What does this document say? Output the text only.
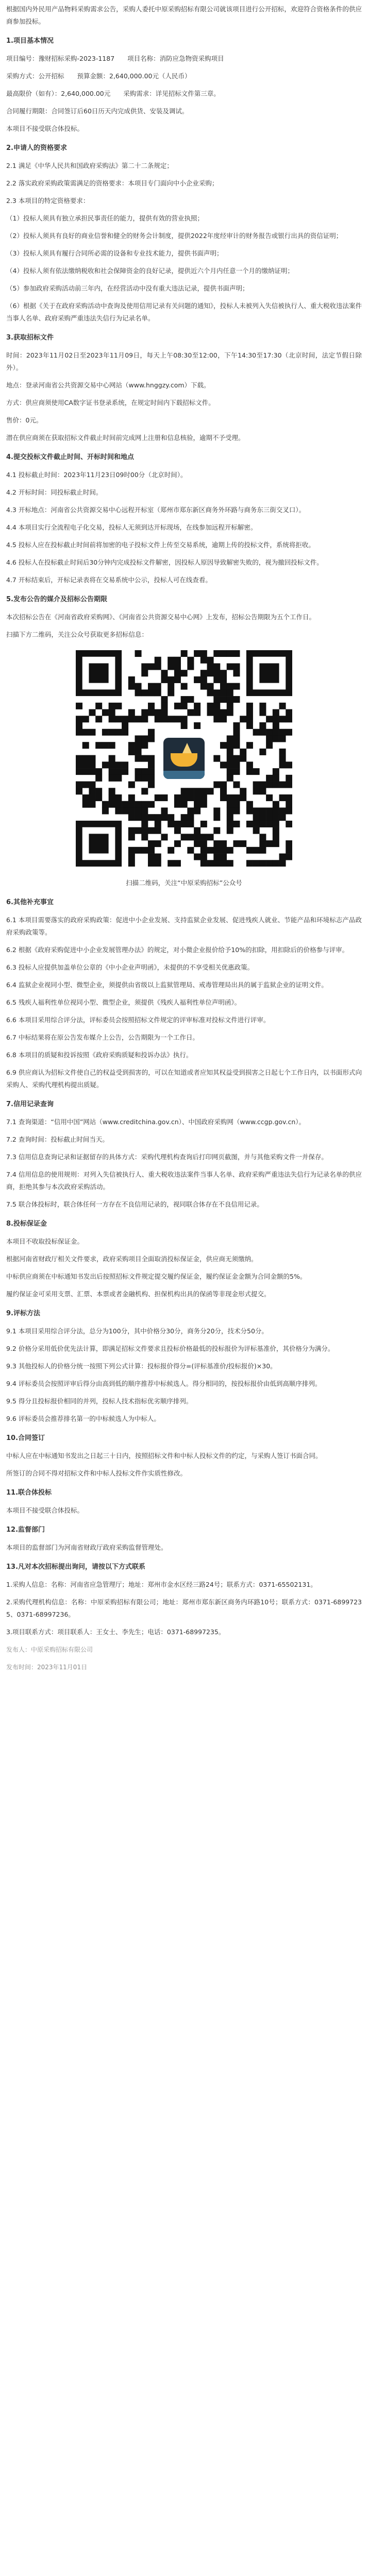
根据国内外民用产品物料采购需求公告，采购人委托中原采购招标有限公司就该项目进行公开招标，欢迎符合资格条件的供应商参加投标。

1.项目基本情况

项目编号：豫财招标采购-2023-1187　　项目名称：消防应急物资采购项目

采购方式：公开招标　　预算金额：2,640,000.00元（人民币）

最高限价（如有）：2,640,000.00元　　采购需求：详见招标文件第三章。

合同履行期限：合同签订后60日历天内完成供货、安装及调试。

本项目不接受联合体投标。

2.申请人的资格要求

2.1 满足《中华人民共和国政府采购法》第二十二条规定；

2.2 落实政府采购政策需满足的资格要求：本项目专门面向中小企业采购；

2.3 本项目的特定资格要求：

（1）投标人须具有独立承担民事责任的能力，提供有效的营业执照；

（2）投标人须具有良好的商业信誉和健全的财务会计制度，提供2022年度经审计的财务报告或银行出具的资信证明；

（3）投标人须具有履行合同所必需的设备和专业技术能力，提供书面声明；

（4）投标人须有依法缴纳税收和社会保障资金的良好记录，提供近六个月内任意一个月的缴纳证明；

（5）参加政府采购活动前三年内，在经营活动中没有重大违法记录，提供书面声明；

（6）根据《关于在政府采购活动中查询及使用信用记录有关问题的通知》，投标人未被列入失信被执行人、重大税收违法案件当事人名单、政府采购严重违法失信行为记录名单。

3.获取招标文件

时间：2023年11月02日至2023年11月09日，每天上午08:30至12:00，下午14:30至17:30（北京时间，法定节假日除外）。

地点：登录河南省公共资源交易中心网站（www.hnggzy.com）下载。

方式：供应商须使用CA数字证书登录系统，在规定时间内下载招标文件。

售价：0元。

潜在供应商须在获取招标文件截止时间前完成网上注册和信息核验，逾期不予受理。

4.提交投标文件截止时间、开标时间和地点

4.1 投标截止时间：2023年11月23日09时00分（北京时间）。

4.2 开标时间：同投标截止时间。

4.3 开标地点：河南省公共资源交易中心远程开标室（郑州市郑东新区商务外环路与商务东三街交叉口）。

4.4 本项目实行全流程电子化交易，投标人无须到达开标现场，在线参加远程开标解密。

4.5 投标人应在投标截止时间前将加密的电子投标文件上传至交易系统，逾期上传的投标文件，系统将拒收。

4.6 投标人在投标截止时间后30分钟内完成投标文件解密，因投标人原因导致解密失败的，视为撤回投标文件。

4.7 开标结束后，开标记录表将在交易系统中公示，投标人可在线查看。

5.发布公告的媒介及招标公告期限

本次招标公告在《河南省政府采购网》、《河南省公共资源交易中心网》上发布，招标公告期限为五个工作日。

扫描下方二维码，关注公众号获取更多招标信息：

扫描二维码，关注“中原采购招标”公众号

6.其他补充事宜

6.1 本项目需要落实的政府采购政策：促进中小企业发展、支持监狱企业发展、促进残疾人就业、节能产品和环境标志产品政府采购政策等。

6.2 根据《政府采购促进中小企业发展管理办法》的规定，对小微企业报价给予10%的扣除，用扣除后的价格参与评审。

6.3 投标人应提供加盖单位公章的《中小企业声明函》，未提供的不享受相关优惠政策。

6.4 监狱企业视同小型、微型企业，须提供由省级以上监狱管理局、戒毒管理局出具的属于监狱企业的证明文件。

6.5 残疾人福利性单位视同小型、微型企业，须提供《残疾人福利性单位声明函》。

6.6 本项目采用综合评分法，评标委员会按照招标文件规定的评审标准对投标文件进行评审。

6.7 中标结果将在原公告发布媒介上公告，公告期限为一个工作日。

6.8 本项目的质疑和投诉按照《政府采购质疑和投诉办法》执行。

6.9 供应商认为招标文件使自己的权益受到损害的，可以在知道或者应知其权益受到损害之日起七个工作日内，以书面形式向采购人、采购代理机构提出质疑。

7.信用记录查询

7.1 查询渠道：“信用中国”网站（www.creditchina.gov.cn）、中国政府采购网（www.ccgp.gov.cn）。

7.2 查询时间：投标截止时间当天。

7.3 信用信息查询记录和证据留存的具体方式：采购代理机构查询后打印网页截图，并与其他采购文件一并保存。

7.4 信用信息的使用规则：对列入失信被执行人、重大税收违法案件当事人名单、政府采购严重违法失信行为记录名单的供应商，拒绝其参与本次政府采购活动。

7.5 联合体投标时，联合体任何一方存在不良信用记录的，视同联合体存在不良信用记录。

8.投标保证金

本项目不收取投标保证金。

根据河南省财政厅相关文件要求，政府采购项目全面取消投标保证金，供应商无须缴纳。

中标供应商须在中标通知书发出后按照招标文件规定提交履约保证金，履约保证金金额为合同金额的5%。

履约保证金可采用支票、汇票、本票或者金融机构、担保机构出具的保函等非现金形式提交。

9.评标方法

9.1 本项目采用综合评分法，总分为100分，其中价格分30分，商务分20分，技术分50分。

9.2 价格分采用低价优先法计算，即满足招标文件要求且投标价格最低的投标报价为评标基准价，其价格分为满分。

9.3 其他投标人的价格分统一按照下列公式计算：投标报价得分=(评标基准价/投标报价)×30。

9.4 评标委员会按照评审后得分由高到低的顺序推荐中标候选人。得分相同的，按投标报价由低到高顺序排列。

9.5 得分且投标报价相同的并列，投标人技术指标优劣顺序排列。

9.6 评标委员会推荐排名第一的中标候选人为中标人。

10.合同签订

中标人应在中标通知书发出之日起三十日内，按照招标文件和中标人投标文件的约定，与采购人签订书面合同。

所签订的合同不得对招标文件和中标人投标文件作实质性修改。

11.联合体投标

本项目不接受联合体投标。

12.监督部门

本项目的监督部门为河南省财政厅政府采购监督管理处。

13.凡对本次招标提出询问，请按以下方式联系

1.采购人信息：名称：河南省应急管理厅；地址：郑州市金水区经三路24号；联系方式：0371-65502131。

2.采购代理机构信息：名称：中原采购招标有限公司；地址：郑州市郑东新区商务内环路10号；联系方式：0371-68997235、0371-68997236。

3.项目联系方式：项目联系人：王女士、李先生；电话：0371-68997235。

发布人：中原采购招标有限公司

发布时间：2023年11月01日
